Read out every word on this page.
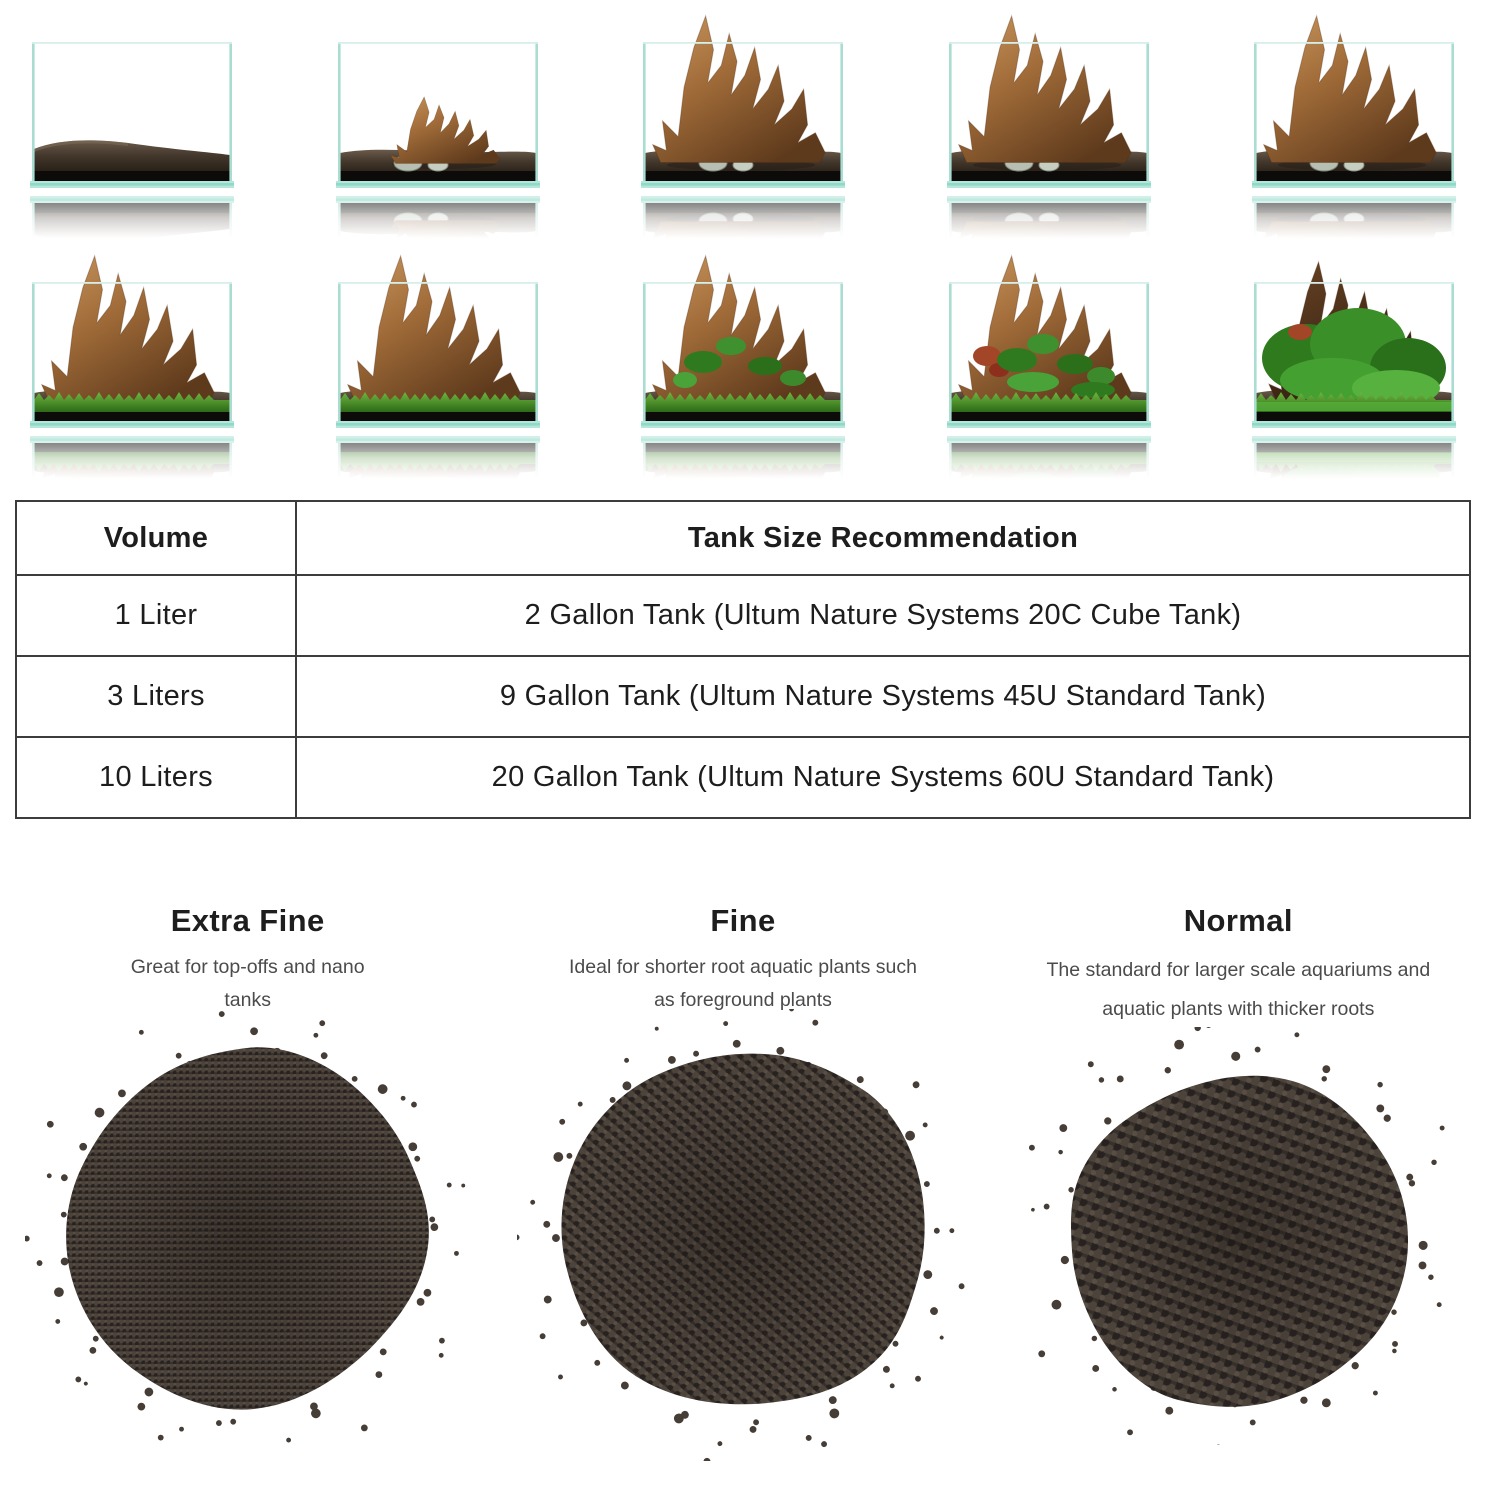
Volume	Tank Size Recommendation
1 Liter	2 Gallon Tank (Ultum Nature Systems 20C Cube Tank)
3 Liters	9 Gallon Tank (Ultum Nature Systems 45U Standard Tank)
10 Liters	20 Gallon Tank (Ultum Nature Systems 60U Standard Tank)
Extra Fine
Great for top-offs and nano tanks
Fine
Ideal for shorter root aquatic plants such as foreground plants
Normal
The standard for larger scale aquariums and aquatic plants with thicker roots
